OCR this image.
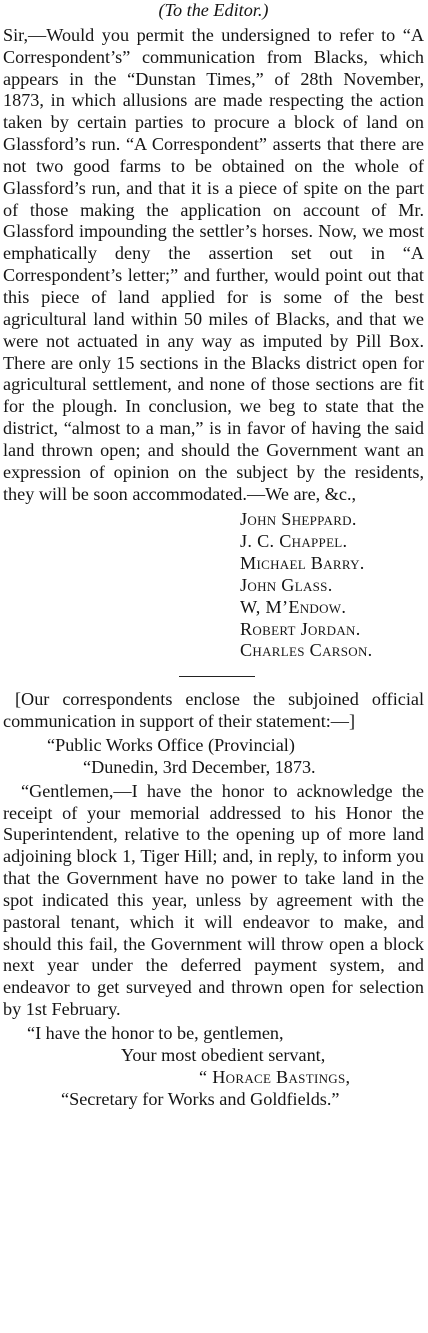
(To the Editor.)

Sir,—Would you permit the undersigned to refer to “A Correspondent’s” communication from Blacks, which appears in the “Dunstan Times,” of 28th November, 1873, in which allusions are made respecting the action taken by certain parties to procure a block of land on Glassford’s run. “A Correspondent” asserts that there are not two good farms to be obtained on the whole of Glassford’s run, and that it is a piece of spite on the part of those making the application on account of Mr. Glassford impounding the settler’s horses. Now, we most emphatically deny the assertion set out in “A Correspondent’s letter;” and further, would point out that this piece of land applied for is some of the best agricultural land within 50 miles of Blacks, and that we were not actuated in any way as imputed by Pill Box. There are only 15 sections in the Blacks district open for agricultural settlement, and none of those sections are fit for the plough. In conclusion, we beg to state that the district, “almost to a man,” is in favor of having the said land thrown open; and should the Government want an expression of opinion on the subject by the residents, they will be soon accommodated.—We are, &c.,

John Sheppard.
J. C. Chappel.
Michael Barry.
John Glass.
W, M’Endow.
Robert Jordan.
Charles Carson.

[Our correspondents enclose the subjoined official communication in support of their statement:—]

“Public Works Office (Provincial)
“Dunedin, 3rd December, 1873.

“Gentlemen,—I have the honor to acknowledge the receipt of your memorial addressed to his Honor the Superintendent, relative to the opening up of more land adjoining block 1, Tiger Hill; and, in reply, to inform you that the Government have no power to take land in the spot indicated this year, unless by agreement with the pastoral tenant, which it will endeavor to make, and should this fail, the Government will throw open a block next year under the deferred payment system, and endeavor to get surveyed and thrown open for selection by 1st February.

“I have the honor to be, gentlemen,
Your most obedient servant,
“ Horace Bastings,
“Secretary for Works and Goldfields.”
